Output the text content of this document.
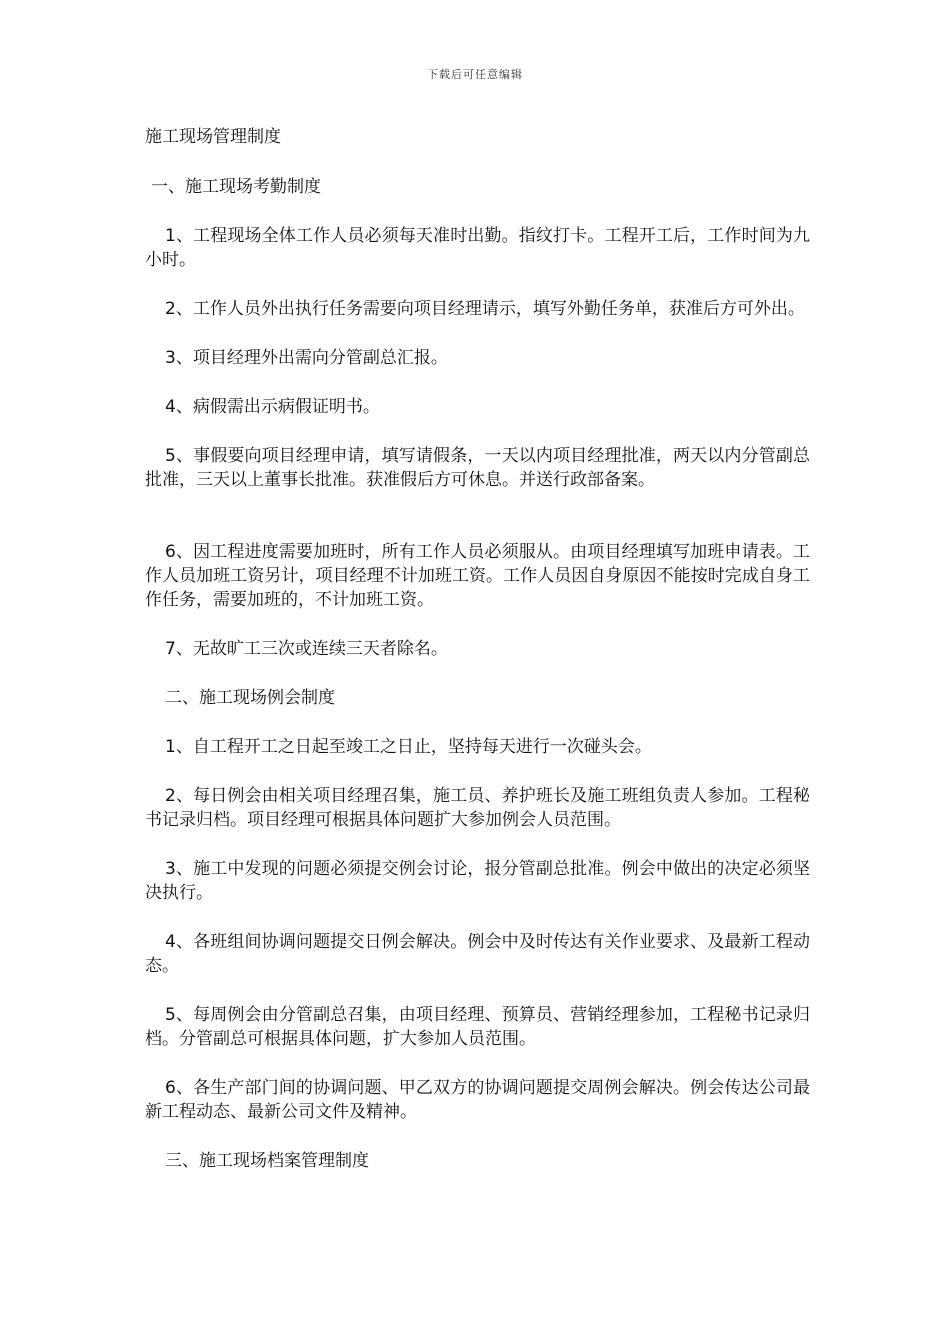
下载后可任意编辑
施工现场管理制度
一、施工现场考勤制度

1、工程现场全体工作人员必须每天准时出勤。指纹打卡。工程开工后，工作时间为九小时。

2、工作人员外出执行任务需要向项目经理请示，填写外勤任务单，获准后方可外出。

3、项目经理外出需向分管副总汇报。

4、病假需出示病假证明书。

5、事假要向项目经理申请，填写请假条，一天以内项目经理批准，两天以内分管副总批准，三天以上董事长批准。获准假后方可休息。并送行政部备案。

6、因工程进度需要加班时，所有工作人员必须服从。由项目经理填写加班申请表。工作人员加班工资另计，项目经理不计加班工资。工作人员因自身原因不能按时完成自身工作任务，需要加班的，不计加班工资。

7、无故旷工三次或连续三天者除名。

二、施工现场例会制度

1、自工程开工之日起至竣工之日止，坚持每天进行一次碰头会。

2、每日例会由相关项目经理召集，施工员、养护班长及施工班组负责人参加。工程秘书记录归档。项目经理可根据具体问题扩大参加例会人员范围。

3、施工中发现的问题必须提交例会讨论，报分管副总批准。例会中做出的决定必须坚决执行。

4、各班组间协调问题提交日例会解决。例会中及时传达有关作业要求、及最新工程动态。

5、每周例会由分管副总召集，由项目经理、预算员、营销经理参加，工程秘书记录归档。分管副总可根据具体问题，扩大参加人员范围。

6、各生产部门间的协调问题、甲乙双方的协调问题提交周例会解决。例会传达公司最新工程动态、最新公司文件及精神。

三、施工现场档案管理制度
